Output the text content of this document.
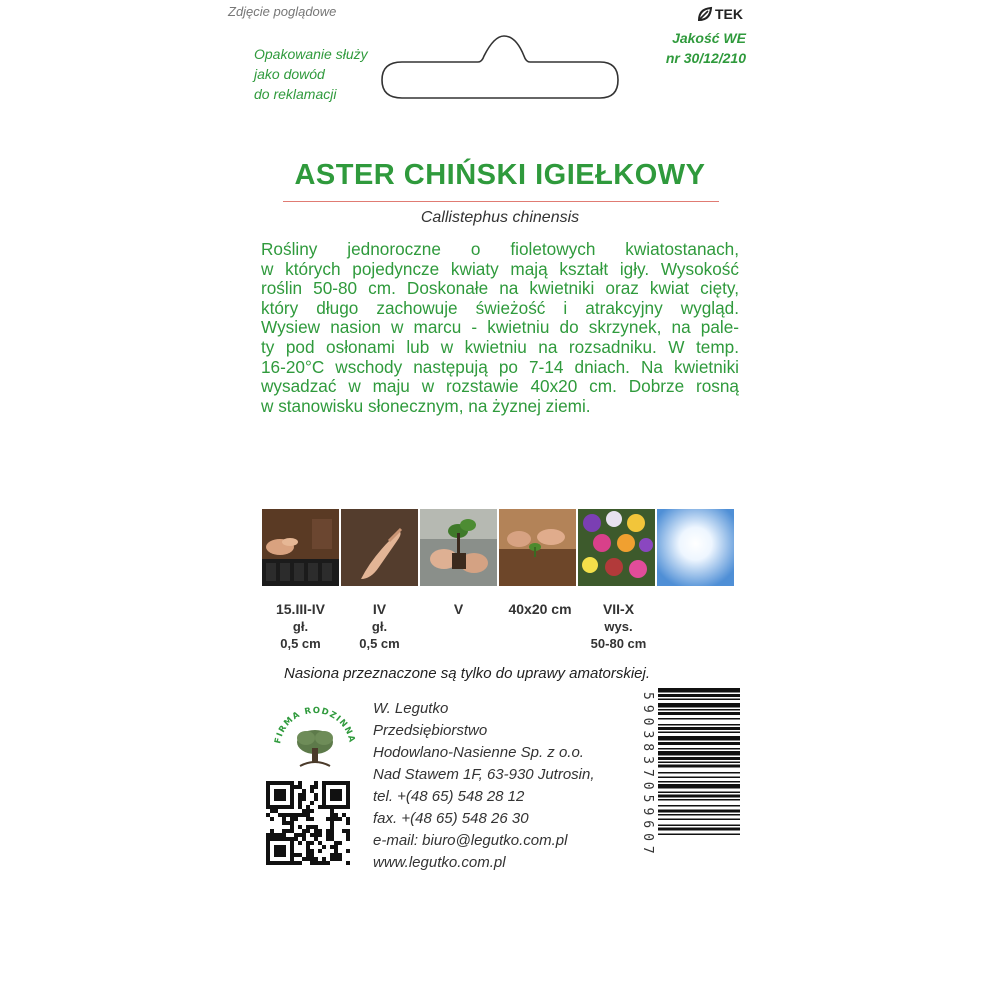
Zdjęcie poglądowe
Opakowanie służy
jako dowód
do reklamacji
TEK
Jakość WE
nr 30/12/210
ASTER CHIŃSKI IGIEŁKOWY
Callistephus chinensis

Rośliny jednoroczne o fioletowych kwiatostanach,

w których pojedyncze kwiaty mają kształt igły. Wysokość

roślin 50-80 cm. Doskonałe na kwietniki oraz kwiat cięty,

który długo zachowuje świeżość i atrakcyjny wygląd.

Wysiew nasion w marcu - kwietniu do skrzynek, na pale-

ty pod osłonami lub w kwietniu na rozsadniku. W temp.

16-20°C wschody następują po 7-14 dniach. Na kwietniki

wysadzać w maju w rozstawie 40x20 cm. Dobrze rosną

w stanowisku słonecznym, na żyznej ziemi.

15.III-IV
gł.
0,5 cm
IV
gł.
0,5 cm
V	40x20 cm	VII-X
wys.
50-80 cm
Nasiona przeznaczone są tylko do uprawy amatorskiej.
FIRMA RODZINNA
W. Legutko
Przedsiębiorstwo
Hodowlano-Nasienne Sp. z o.o.
Nad Stawem 1F, 63-930 Jutrosin,
tel. +(48 65) 548 28 12
fax. +(48 65) 548 26 30
e-mail: biuro@legutko.com.pl
www.legutko.com.pl
5903837059607
